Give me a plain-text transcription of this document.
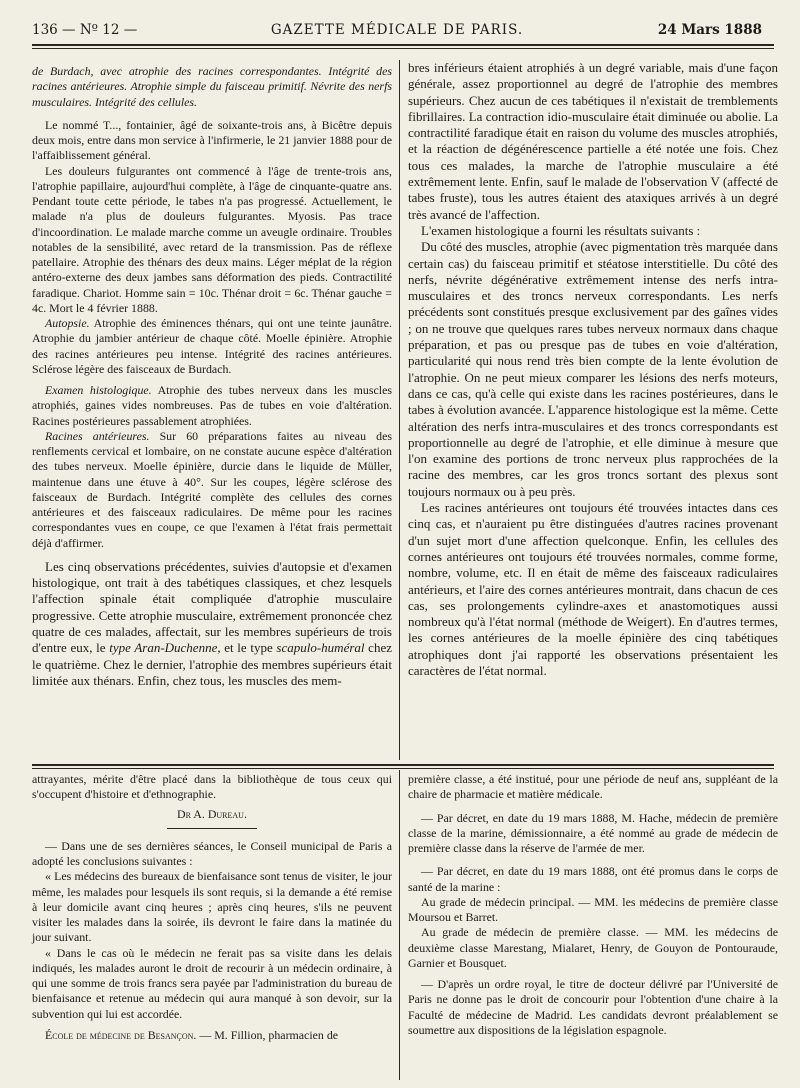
136 — Nº 12 —	GAZETTE MÉDICALE DE PARIS.	24 Mars 1888

de Burdach, avec atrophie des racines correspondantes. Intégrité des racines antérieures. Atrophie simple du faisceau primitif. Névrite des nerfs musculaires. Intégrité des cellules.

Le nommé T..., fontainier, âgé de soixante-trois ans, à Bicêtre depuis deux mois, entre dans mon service à l'infirmerie, le 21 janvier 1888 pour de l'affaiblissement général.

Les douleurs fulgurantes ont commencé à l'âge de trente-trois ans, l'atrophie papillaire, aujourd'hui complète, à l'âge de cinquante-quatre ans. Pendant toute cette période, le tabes n'a pas progressé. Actuellement, le malade n'a plus de douleurs fulgurantes. Myosis. Pas trace d'incoordination. Le malade marche comme un aveugle ordinaire. Troubles notables de la sensibilité, avec retard de la transmission. Pas de réflexe patellaire. Atrophie des thénars des deux mains. Léger méplat de la région antéro-externe des deux jambes sans déformation des pieds. Contractilité faradique. Chariot. Homme sain = 10c. Thénar droit = 6c. Thénar gauche = 4c. Mort le 4 février 1888.

Autopsie. Atrophie des éminences thénars, qui ont une teinte jaunâtre. Atrophie du jambier antérieur de chaque côté. Moelle épinière. Atrophie des racines antérieures peu intense. Intégrité des racines antérieures. Sclérose légère des faisceaux de Burdach.

Examen histologique. Atrophie des tubes nerveux dans les muscles atrophiés, gaines vides nombreuses. Pas de tubes en voie d'altération. Racines postérieures passablement atrophiées.

Racines antérieures. Sur 60 préparations faites au niveau des renflements cervical et lombaire, on ne constate aucune espèce d'altération des tubes nerveux. Moelle épinière, durcie dans le liquide de Müller, maintenue dans une étuve à 40°. Sur les coupes, légère sclérose des faisceaux de Burdach. Intégrité complète des cellules des cornes antérieures et des faisceaux radiculaires. De même pour les racines correspondantes vues en coupe, ce que l'examen à l'état frais permettait déjà d'affirmer.

Les cinq observations précédentes, suivies d'autopsie et d'examen histologique, ont trait à des tabétiques classiques, et chez lesquels l'affection spinale était compliquée d'atrophie musculaire progressive. Cette atrophie musculaire, extrêmement prononcée chez quatre de ces malades, affectait, sur les membres supérieurs de trois d'entre eux, le type Aran-Duchenne, et le type scapulo-huméral chez le quatrième. Chez le dernier, l'atrophie des membres supérieurs était limitée aux thénars. Enfin, chez tous, les muscles des mem-

bres inférieurs étaient atrophiés à un degré variable, mais d'une façon générale, assez proportionnel au degré de l'atrophie des membres supérieurs. Chez aucun de ces tabétiques il n'existait de tremblements fibrillaires. La contraction idio-musculaire était diminuée ou abolie. La contractilité faradique était en raison du volume des muscles atrophiés, et la réaction de dégénérescence partielle a été notée une fois. Chez tous ces malades, la marche de l'atrophie musculaire a été extrêmement lente. Enfin, sauf le malade de l'observation V (affecté de tabes fruste), tous les autres étaient des ataxiques arrivés à un degré très avancé de l'affection.

L'examen histologique a fourni les résultats suivants :

Du côté des muscles, atrophie (avec pigmentation très marquée dans certain cas) du faisceau primitif et stéatose interstitielle. Du côté des nerfs, névrite dégénérative extrêmement intense des nerfs intra-musculaires et des troncs nerveux correspondants. Les nerfs précédents sont constitués presque exclusivement par des gaînes vides ; on ne trouve que quelques rares tubes nerveux normaux dans chaque préparation, et pas ou presque pas de tubes en voie d'altération, particularité qui nous rend très bien compte de la lente évolution de l'atrophie. On ne peut mieux comparer les lésions des nerfs moteurs, dans ce cas, qu'à celle qui existe dans les racines postérieures, dans le tabes à évolution avancée. L'apparence histologique est la même. Cette altération des nerfs intra-musculaires et des troncs correspondants est proportionnelle au degré de l'atrophie, et elle diminue à mesure que l'on examine des portions de tronc nerveux plus rapprochées de la racine des membres, car les gros troncs sortant des plexus sont toujours normaux ou à peu près.

Les racines antérieures ont toujours été trouvées intactes dans ces cinq cas, et n'auraient pu être distinguées d'autres racines provenant d'un sujet mort d'une affection quelconque. Enfin, les cellules des cornes antérieures ont toujours été trouvées normales, comme forme, nombre, volume, etc. Il en était de même des faisceaux radiculaires antérieurs, et l'aire des cornes antérieures montrait, dans chacun de ces cas, ses prolongements cylindre-axes et anastomotiques aussi nombreux qu'à l'état normal (méthode de Weigert). En d'autres termes, les cornes antérieures de la moelle épinière des cinq tabétiques atrophiques dont j'ai rapporté les observations présentaient les caractères de l'état normal.

attrayantes, mérite d'être placé dans la bibliothèque de tous ceux qui s'occupent d'histoire et d'ethnographie.

Dr A. Dureau.

— Dans une de ses dernières séances, le Conseil municipal de Paris a adopté les conclusions suivantes :

« Les médecins des bureaux de bienfaisance sont tenus de visiter, le jour même, les malades pour lesquels ils sont requis, si la demande a été remise à leur domicile avant cinq heures ; après cinq heures, s'ils ne peuvent visiter les malades dans la soirée, ils devront le faire dans la matinée du jour suivant.

« Dans le cas où le médecin ne ferait pas sa visite dans les delais indiqués, les malades auront le droit de recourir à un médecin ordinaire, à qui une somme de trois francs sera payée par l'administration du bureau de bienfaisance et retenue au médecin qui aura manqué à son devoir, sur la subvention qui lui est accordée.

École de médecine de Besançon. — M. Fillion, pharmacien de

première classe, a été institué, pour une période de neuf ans, suppléant de la chaire de pharmacie et matière médicale.

— Par décret, en date du 19 mars 1888, M. Hache, médecin de première classe de la marine, démissionnaire, a été nommé au grade de médecin de première classe dans la réserve de l'armée de mer.

— Par décret, en date du 19 mars 1888, ont été promus dans le corps de santé de la marine :

Au grade de médecin principal. — MM. les médecins de première classe Moursou et Barret.

Au grade de médecin de première classe. — MM. les médecins de deuxième classe Marestang, Mialaret, Henry, de Gouyon de Pontouraude, Garnier et Bousquet.

— D'après un ordre royal, le titre de docteur délivré par l'Université de Paris ne donne pas le droit de concourir pour l'obtention d'une chaire à la Faculté de médecine de Madrid. Les candidats devront préalablement se soumettre aux dispositions de la législation espagnole.
